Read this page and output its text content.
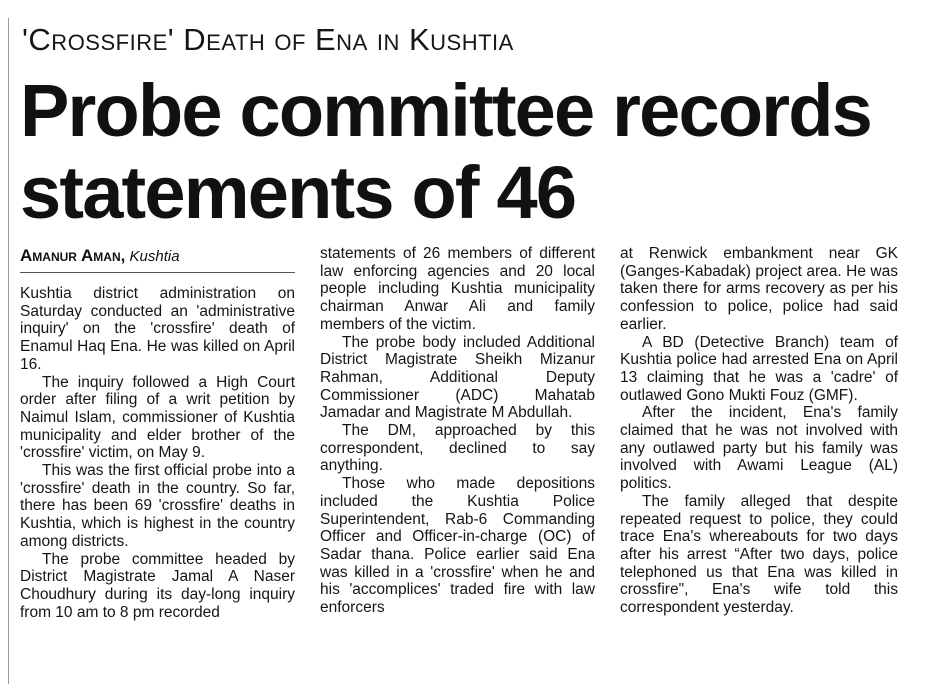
'Crossfire' Death of Ena in Kushtia
Probe committee records
statements of 46
Amanur Aman, Kushtia

Kushtia district administration on Saturday conducted an 'administrative inquiry' on the 'crossfire' death of Enamul Haq Ena. He was killed on April 16.

The inquiry followed a High Court order after filing of a writ petition by Naimul Islam, commissioner of Kushtia municipality and elder brother of the 'crossfire' victim, on May 9.

This was the first official probe into a 'crossfire' death in the country. So far, there has been 69 'crossfire' deaths in Kushtia, which is highest in the country among districts.

The probe committee headed by District Magistrate Jamal A Naser Choudhury during its day-long inquiry from 10 am to 8 pm recorded

statements of 26 members of different law enforcing agencies and 20 local people including Kushtia municipality chairman Anwar Ali and family members of the victim.

The probe body included Additional District Magistrate Sheikh Mizanur Rahman, Additional Deputy Commissioner (ADC) Mahatab Jamadar and Magistrate M Abdullah.

The DM, approached by this correspondent, declined to say anything.

Those who made depositions included the Kushtia Police Superintendent, Rab-6 Commanding Officer and Officer-in-charge (OC) of Sadar thana. Police earlier said Ena was killed in a 'crossfire' when he and his 'accomplices' traded fire with law enforcers

at Renwick embankment near GK (Ganges-Kabadak) project area. He was taken there for arms recovery as per his confession to police, police had said earlier.

A BD (Detective Branch) team of Kushtia police had arrested Ena on April 13 claiming that he was a 'cadre' of outlawed Gono Mukti Fouz (GMF).

After the incident, Ena's family claimed that he was not involved with any outlawed party but his family was involved with Awami League (AL) politics.

The family alleged that despite repeated request to police, they could trace Ena's whereabouts for two days after his arrest “After two days, police telephoned us that Ena was killed in crossfire", Ena's wife told this correspondent yesterday.
